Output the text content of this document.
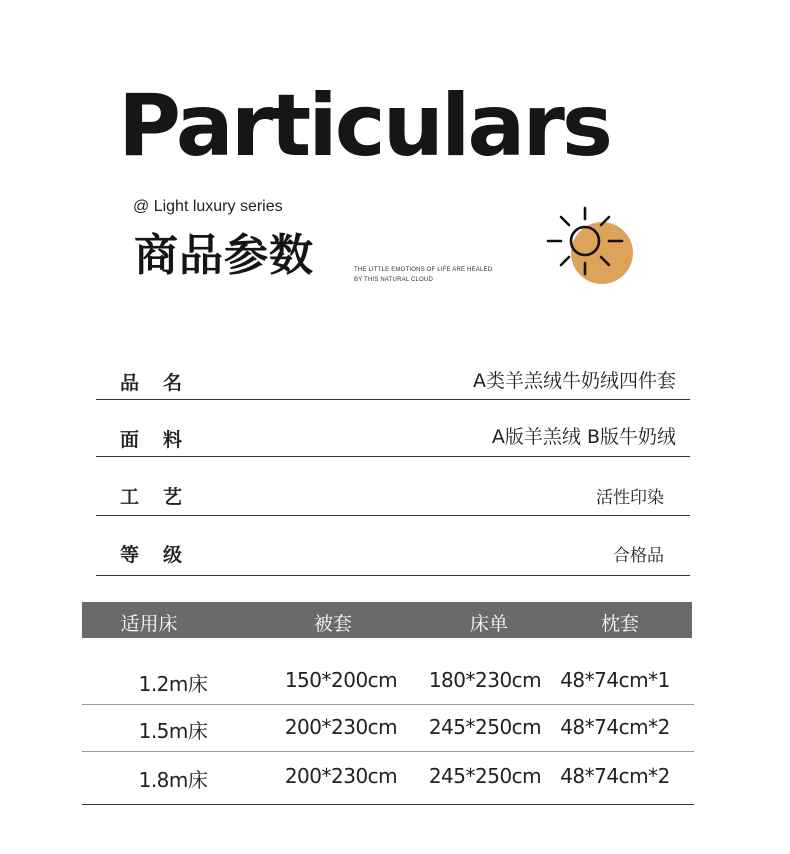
Particulars
@ Light luxury series
商品参数	THE LITTLE EMOTIONS OF LIFE ARE HEALED
BY THIS NATURAL CLOUD
品名	A类羊羔绒牛奶绒四件套
面料	A版羊羔绒 B版牛奶绒
工艺	活性印染
等级	合格品
适用床	被套	床单	枕套
1.2m床	150*200cm 180*230cm 48*74cm*1
1.5m床	200*230cm 245*250cm 48*74cm*2
1.8m床	200*230cm 245*250cm 48*74cm*2
